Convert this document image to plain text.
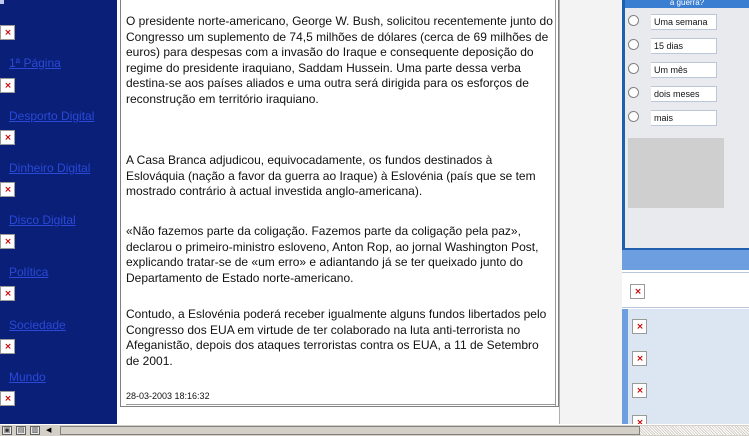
×
1ª Página
×
Desporto Digital
×
Dinheiro Digital
×
Disco Digital
×
Política
×
Sociedade
×
Mundo
×

O presidente norte-americano, George W. Bush, solicitou recentemente junto do Congresso um suplemento de 74,5 milhões de dólares (cerca de 69 milhões de euros) para despesas com a invasão do Iraque e consequente deposição do regime do presidente iraquiano, Saddam Hussein. Uma parte dessa verba destina-se aos países aliados e uma outra será dirigida para os esforços de reconstrução em território iraquiano.

A Casa Branca adjudicou, equivocadamente, os fundos destinados à Eslováquia (nação a favor da guerra ao Iraque) à Eslovénia (país que se tem mostrado contrário à actual investida anglo-americana).

«Não fazemos parte da coligação. Fazemos parte da coligação pela paz», declarou o primeiro-ministro esloveno, Anton Rop, ao jornal Washington Post, explicando tratar-se de «um erro» e adiantando já se ter queixado junto do Departamento de Estado norte-americano.

Contudo, a Eslovénia poderá receber igualmente alguns fundos libertados pelo Congresso dos EUA em virtude de ter colaborado na luta anti-terrorista no Afeganistão, depois dos ataques terroristas contra os EUA, a 11 de Setembro de 2001.

28-03-2003 18:16:32
a guerra?
Uma semana
15 dias
Um mês
dois meses
mais
×
×
×
×
×
▣ ▤ ▥ ◀
